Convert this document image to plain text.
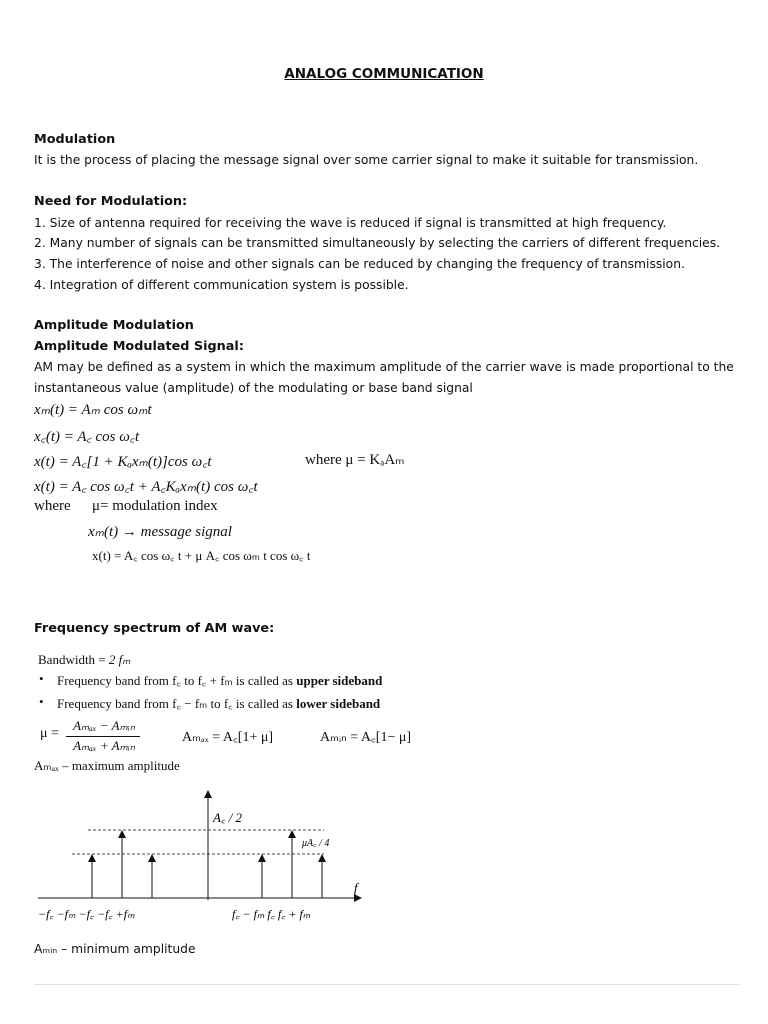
ANALOG COMMUNICATION
Modulation
It is the process of placing the message signal over some carrier signal to make it suitable for transmission.
Need for Modulation:
1. Size of antenna required for receiving the wave is reduced if signal is transmitted at high frequency.
2. Many number of signals can be transmitted simultaneously by selecting the carriers of different frequencies.
3. The interference of noise and other signals can be reduced by changing the frequency of transmission.
4. Integration of different communication system is possible.
Amplitude Modulation
Amplitude Modulated Signal:
AM may be defined as a system in which the maximum amplitude of the carrier wave is made proportional to the instantaneous value (amplitude) of the modulating or base band signal
xₘ(t) = Aₘ cos ωₘt
x꜀(t) = A꜀ cos ω꜀t
x(t) = A꜀[1 + Kₐxₘ(t)]cos ω꜀t	where μ = KₐAₘ
x(t) = A꜀ cos ω꜀t + A꜀Kₐxₘ(t) cos ω꜀t
where μ= modulation index
xₘ(t) → message signal
x(t) = A꜀ cos ω꜀ t + μ A꜀ cos ωₘ t cos ω꜀ t
Frequency spectrum of AM wave:
Bandwidth = 2 fₘ
• Frequency band from f꜀ to f꜀ + fₘ is called as upper sideband
• Frequency band from f꜀ − fₘ to f꜀ is called as lower sideband
μ =
Aₘₐₓ − Aₘᵢₙ
Aₘₐₓ + Aₘᵢₙ
Aₘₐₓ = A꜀[1+ μ]	Aₘᵢₙ = A꜀[1− μ]
Aₘₐₓ – maximum amplitude
A꜀ / 2
μA꜀ / 4
f
−f꜀ −fₘ −f꜀ −f꜀ +fₘ	f꜀ − fₘ f꜀ f꜀ + fₘ
Aₘᵢₙ – minimum amplitude
